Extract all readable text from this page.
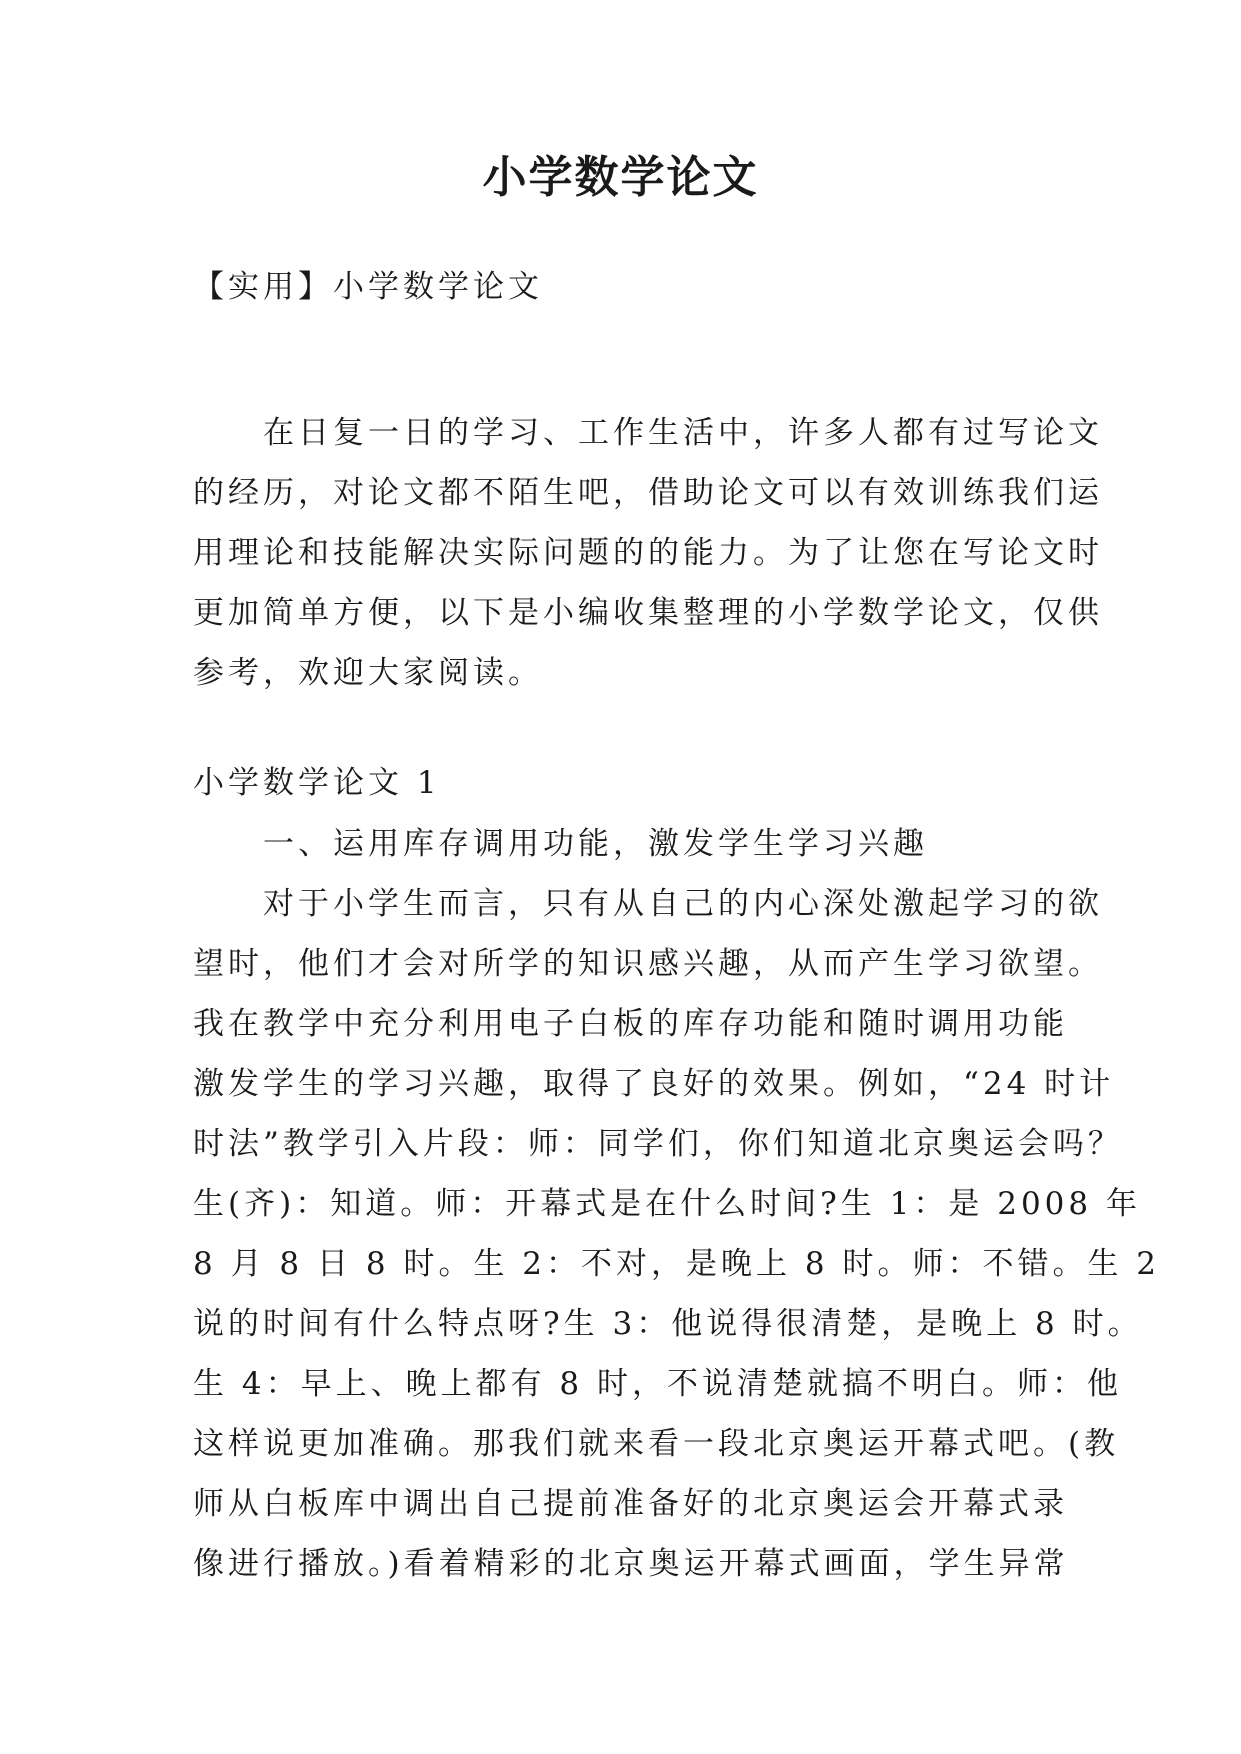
小学数学论文
【实用】小学数学论文
　　在日复一日的学习、工作生活中，许多人都有过写论文
的经历，对论文都不陌生吧，借助论文可以有效训练我们运
用理论和技能解决实际问题的的能力。为了让您在写论文时
更加简单方便，以下是小编收集整理的小学数学论文，仅供
参考，欢迎大家阅读。
小学数学论文 1
　　一、运用库存调用功能，激发学生学习兴趣
　　对于小学生而言，只有从自己的内心深处激起学习的欲
望时，他们才会对所学的知识感兴趣，从而产生学习欲望。
我在教学中充分利用电子白板的库存功能和随时调用功能
激发学生的学习兴趣，取得了良好的效果。例如，“24 时计
时法”教学引入片段：师：同学们，你们知道北京奥运会吗？
生(齐)：知道。师：开幕式是在什么时间?生 1：是 2008 年
8 月 8 日 8 时。生 2：不对，是晚上 8 时。师：不错。生 2
说的时间有什么特点呀?生 3：他说得很清楚，是晚上 8 时。
生 4：早上、晚上都有 8 时，不说清楚就搞不明白。师：他
这样说更加准确。那我们就来看一段北京奥运开幕式吧。(教
师从白板库中调出自己提前准备好的北京奥运会开幕式录
像进行播放。)看着精彩的北京奥运开幕式画面，学生异常
